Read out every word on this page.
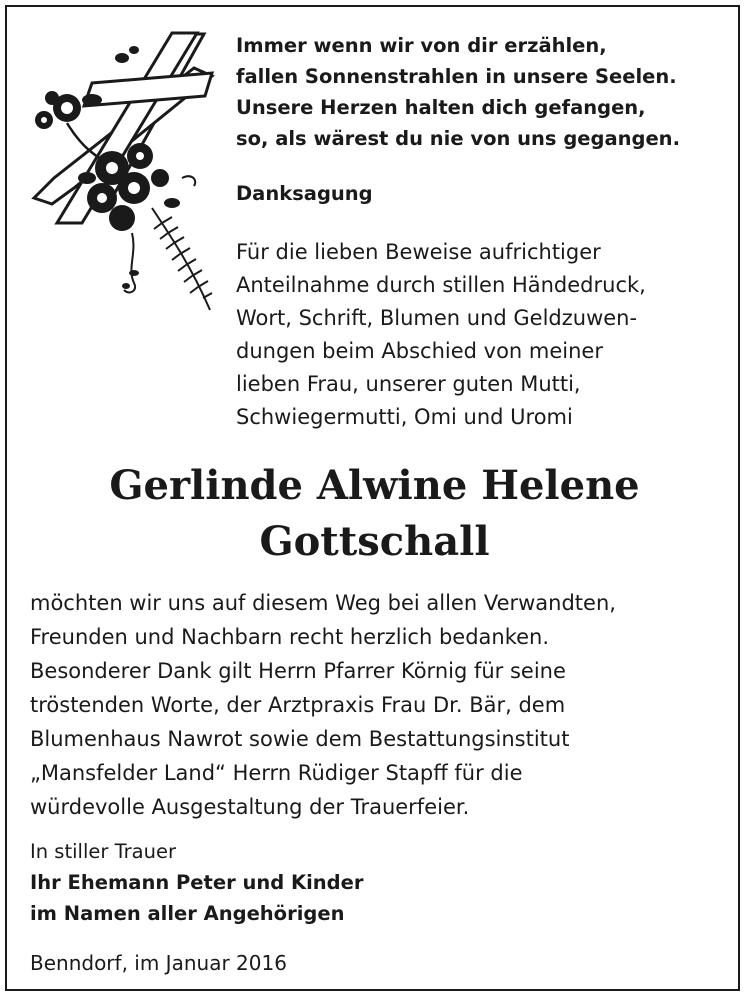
Immer wenn wir von dir erzählen,
fallen Sonnenstrahlen in unsere Seelen.
Unsere Herzen halten dich gefangen,
so, als wärest du nie von uns gegangen.
Danksagung
Für die lieben Beweise aufrichtiger
Anteilnahme durch stillen Händedruck,
Wort, Schrift, Blumen und Geldzuwen-
dungen beim Abschied von meiner
lieben Frau, unserer guten Mutti,
Schwiegermutti, Omi und Uromi
Gerlinde Alwine Helene
Gottschall
möchten wir uns auf diesem Weg bei allen Verwandten,
Freunden und Nachbarn recht herzlich bedanken.
Besonderer Dank gilt Herrn Pfarrer Körnig für seine
tröstenden Worte, der Arztpraxis Frau Dr. Bär, dem
Blumenhaus Nawrot sowie dem Bestattungsinstitut
„Mansfelder Land“ Herrn Rüdiger Stapff für die
würdevolle Ausgestaltung der Trauerfeier.
In stiller Trauer
Ihr Ehemann Peter und Kinder
im Namen aller Angehörigen
Benndorf, im Januar 2016
